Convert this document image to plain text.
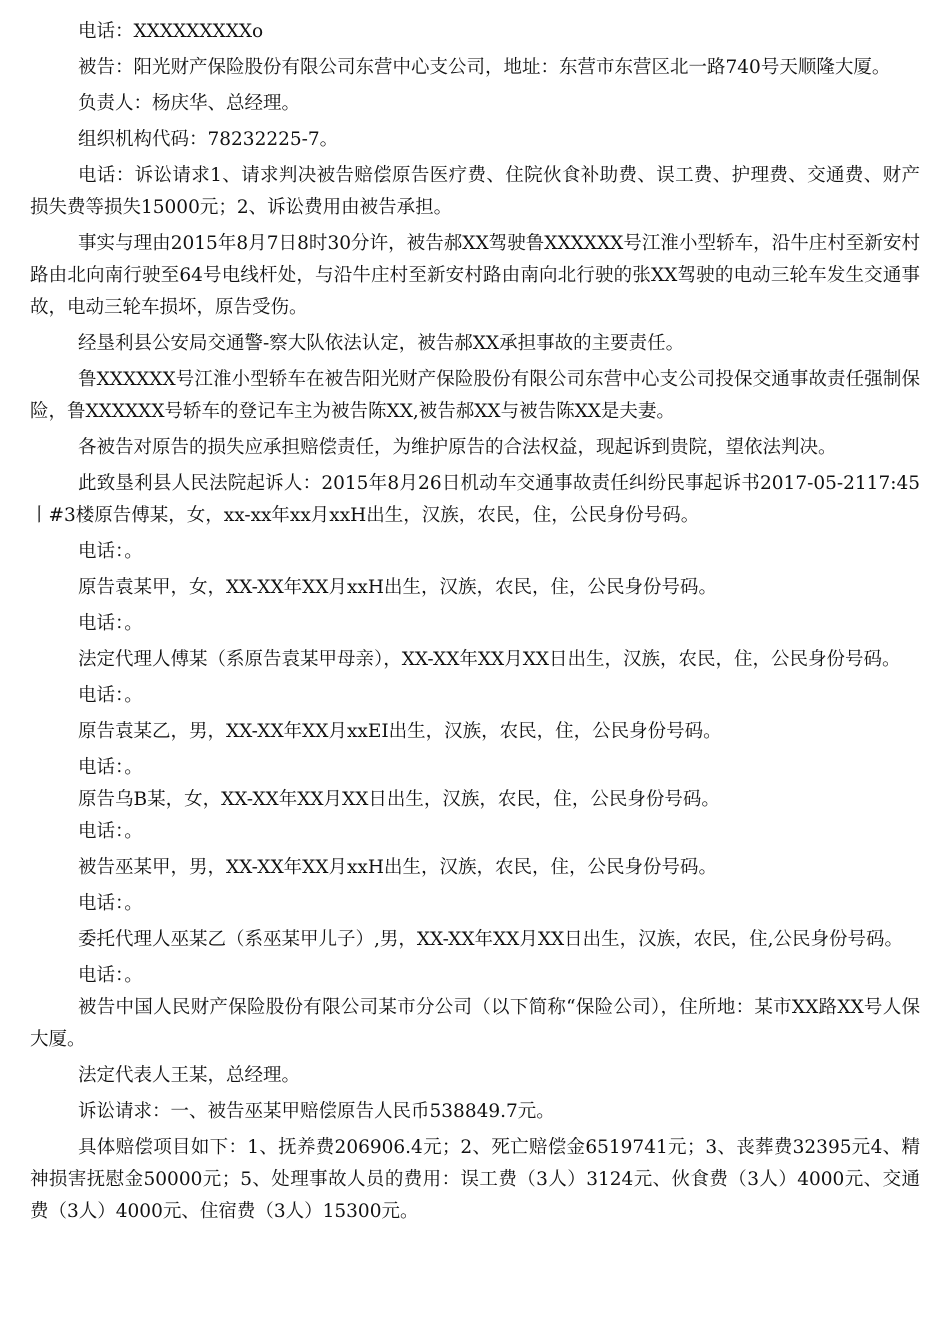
电话：XXXXXXXXXo

被告：阳光财产保险股份有限公司东营中心支公司，地址：东营市东营区北一路740号天顺隆大厦。

负责人：杨庆华、总经理。

组织机构代码：78232225-7。

电话：诉讼请求1、请求判决被告赔偿原告医疗费、住院伙食补助费、误工费、护理费、交通费、财产损失费等损失15000元；2、诉讼费用由被告承担。

事实与理由2015年8月7日8时30分许，被告郝XX驾驶鲁XXXXXX号江淮小型轿车，沿牛庄村至新安村路由北向南行驶至64号电线杆处，与沿牛庄村至新安村路由南向北行驶的张XX驾驶的电动三轮车发生交通事故，电动三轮车损坏，原告受伤。

经垦利县公安局交通警-察大队依法认定，被告郝XX承担事故的主要责任。

鲁XXXXXX号江淮小型轿车在被告阳光财产保险股份有限公司东营中心支公司投保交通事故责任强制保险，鲁XXXXXX号轿车的登记车主为被告陈XX,被告郝XX与被告陈XX是夫妻。

各被告对原告的损失应承担赔偿责任，为维护原告的合法权益，现起诉到贵院，望依法判决。

此致垦利县人民法院起诉人：2015年8月26日机动车交通事故责任纠纷民事起诉书2017-05-2117:45丨#3楼原告傅某，女，xx-xx年xx月xxH出生，汉族，农民，住，公民身份号码。

电话：。

原告袁某甲，女，XX-XX年XX月xxH出生，汉族，农民，住，公民身份号码。

电话：。

法定代理人傅某（系原告袁某甲母亲），XX-XX年XX月XX日出生，汉族，农民，住，公民身份号码。

电话：。

原告袁某乙，男，XX-XX年XX月xxEI出生，汉族，农民，住，公民身份号码。

电话：。

原告乌B某，女，XX-XX年XX月XX日出生，汉族，农民，住，公民身份号码。

电话：。

被告巫某甲，男，XX-XX年XX月xxH出生，汉族，农民，住，公民身份号码。

电话：。

委托代理人巫某乙（系巫某甲儿子）,男，XX-XX年XX月XX日出生，汉族，农民，住,公民身份号码。

电话：。

被告中国人民财产保险股份有限公司某市分公司（以下简称“保险公司），住所地：某市XX路XX号人保大厦。

法定代表人王某，总经理。

诉讼请求：一、被告巫某甲赔偿原告人民币538849.7元。

具体赔偿项目如下：1、抚养费206906.4元；2、死亡赔偿金6519741元；3、丧葬费32395元4、精神损害抚慰金50000元；5、处理事故人员的费用：误工费（3人）3124元、伙食费（3人）4000元、交通费（3人）4000元、住宿费（3人）15300元。
